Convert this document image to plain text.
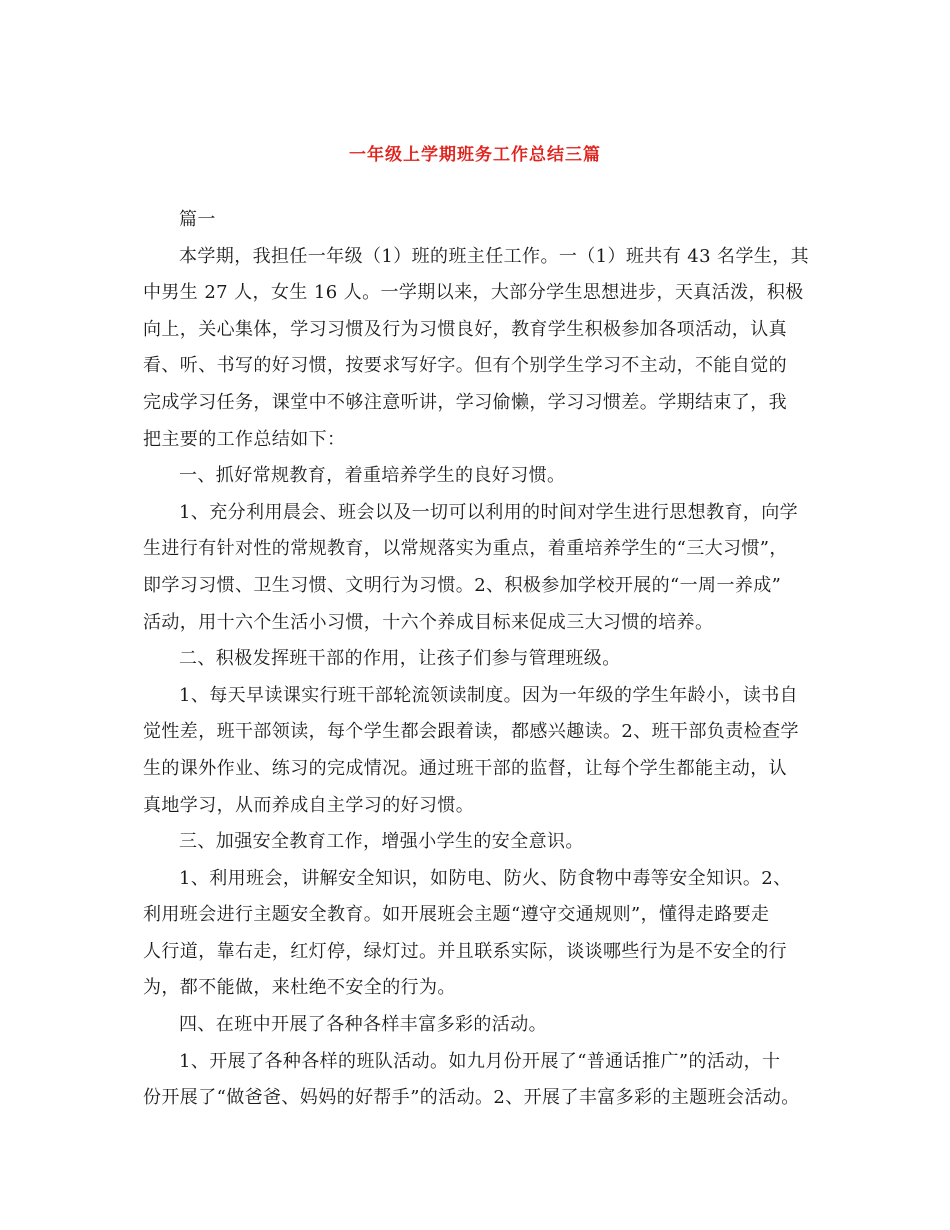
一年级上学期班务工作总结三篇
篇一
本学期，我担任一年级（1）班的班主任工作。一（1）班共有 43 名学生，其
中男生 27 人，女生 16 人。一学期以来，大部分学生思想进步，天真活泼，积极
向上，关心集体，学习习惯及行为习惯良好，教育学生积极参加各项活动，认真
看、听、书写的好习惯，按要求写好字。但有个别学生学习不主动，不能自觉的
完成学习任务，课堂中不够注意听讲，学习偷懒，学习习惯差。学期结束了，我
把主要的工作总结如下：
一、抓好常规教育，着重培养学生的良好习惯。
1、充分利用晨会、班会以及一切可以利用的时间对学生进行思想教育，向学
生进行有针对性的常规教育，以常规落实为重点，着重培养学生的“三大习惯”，
即学习习惯、卫生习惯、文明行为习惯。2、积极参加学校开展的“一周一养成”
活动，用十六个生活小习惯，十六个养成目标来促成三大习惯的培养。
二、积极发挥班干部的作用，让孩子们参与管理班级。
1、每天早读课实行班干部轮流领读制度。因为一年级的学生年龄小，读书自
觉性差，班干部领读，每个学生都会跟着读，都感兴趣读。2、班干部负责检查学
生的课外作业、练习的完成情况。通过班干部的监督，让每个学生都能主动，认
真地学习，从而养成自主学习的好习惯。
三、加强安全教育工作，增强小学生的安全意识。
1、利用班会，讲解安全知识，如防电、防火、防食物中毒等安全知识。2、
利用班会进行主题安全教育。如开展班会主题“遵守交通规则”，懂得走路要走
人行道，靠右走，红灯停，绿灯过。并且联系实际，谈谈哪些行为是不安全的行
为，都不能做，来杜绝不安全的行为。
四、在班中开展了各种各样丰富多彩的活动。
1、开展了各种各样的班队活动。如九月份开展了“普通话推广”的活动，十
份开展了“做爸爸、妈妈的好帮手”的活动。2、开展了丰富多彩的主题班会活动。
